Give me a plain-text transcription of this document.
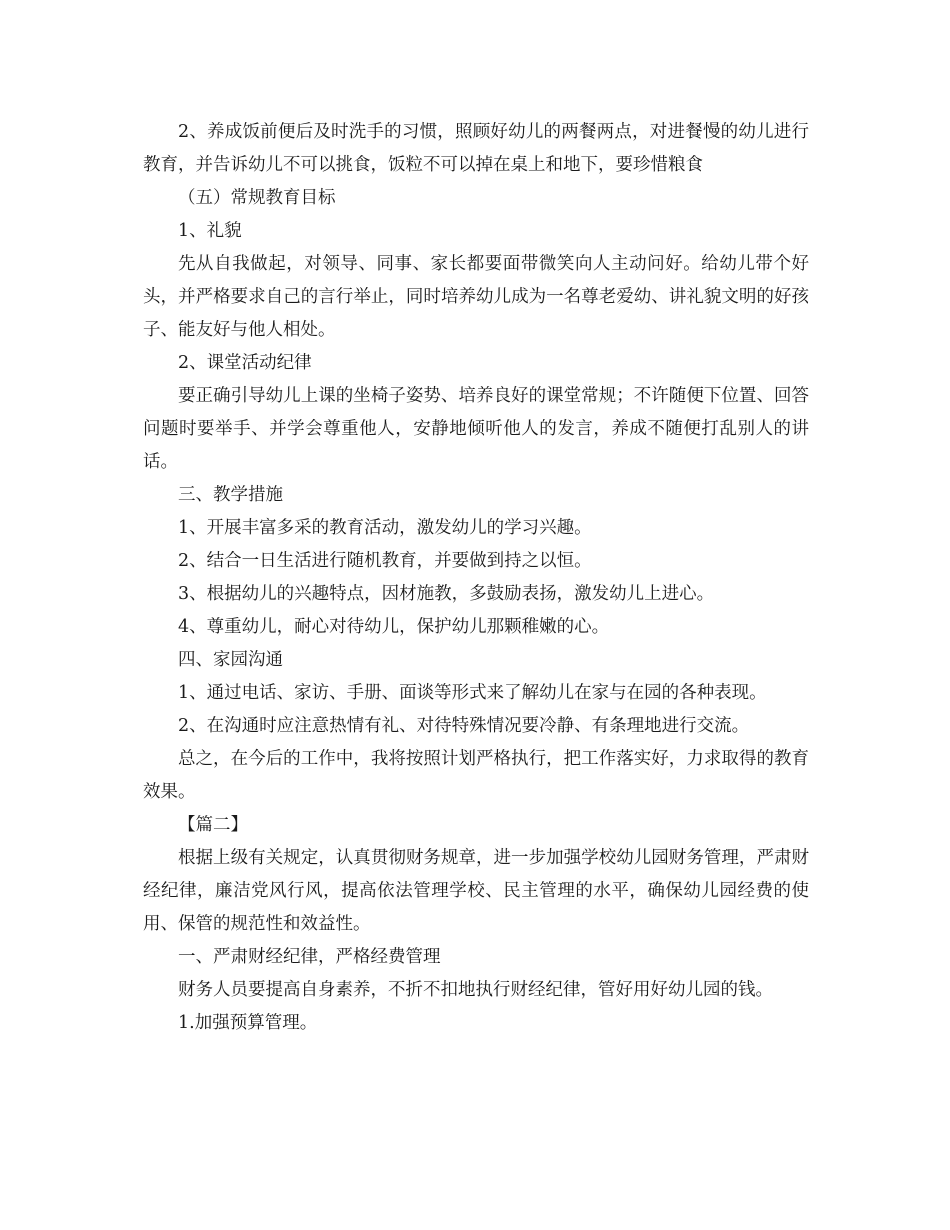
2、养成饭前便后及时洗手的习惯，照顾好幼儿的两餐两点，对进餐慢的幼儿进行教育，并告诉幼儿不可以挑食，饭粒不可以掉在桌上和地下，要珍惜粮食

（五）常规教育目标

1、礼貌

先从自我做起，对领导、同事、家长都要面带微笑向人主动问好。给幼儿带个好头，并严格要求自己的言行举止，同时培养幼儿成为一名尊老爱幼、讲礼貌文明的好孩子、能友好与他人相处。

2、课堂活动纪律

要正确引导幼儿上课的坐椅子姿势、培养良好的课堂常规；不许随便下位置、回答问题时要举手、并学会尊重他人，安静地倾听他人的发言，养成不随便打乱别人的讲话。

三、教学措施

1、开展丰富多采的教育活动，激发幼儿的学习兴趣。

2、结合一日生活进行随机教育，并要做到持之以恒。

3、根据幼儿的兴趣特点，因材施教，多鼓励表扬，激发幼儿上进心。

4、尊重幼儿，耐心对待幼儿，保护幼儿那颗稚嫩的心。

四、家园沟通

1、通过电话、家访、手册、面谈等形式来了解幼儿在家与在园的各种表现。

2、在沟通时应注意热情有礼、对待特殊情况要冷静、有条理地进行交流。

总之，在今后的工作中，我将按照计划严格执行，把工作落实好，力求取得的教育效果。

【篇二】

根据上级有关规定，认真贯彻财务规章，进一步加强学校幼儿园财务管理，严肃财经纪律，廉洁党风行风，提高依法管理学校、民主管理的水平，确保幼儿园经费的使用、保管的规范性和效益性。

一、严肃财经纪律，严格经费管理

财务人员要提高自身素养，不折不扣地执行财经纪律，管好用好幼儿园的钱。

1.加强预算管理。
